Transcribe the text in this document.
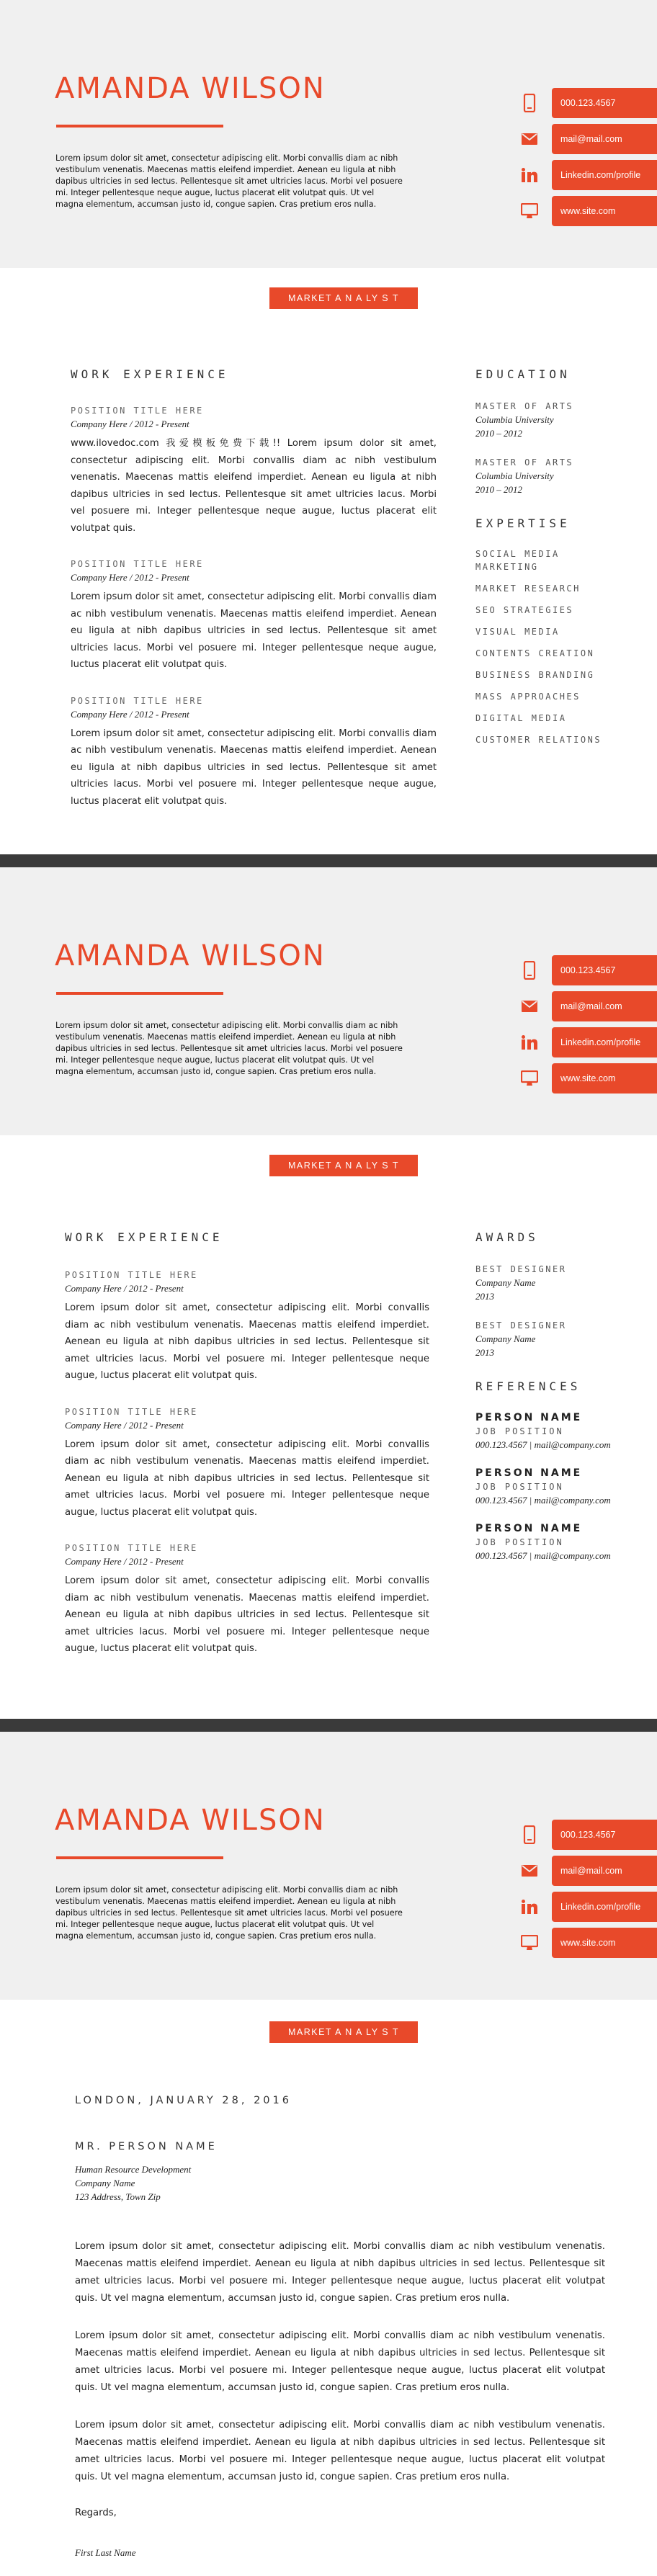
AMANDA WILSON
Lorem ipsum dolor sit amet, consectetur adipiscing elit. Morbi convallis diam ac nibh vestibulum venenatis. Maecenas mattis eleifend imperdiet. Aenean eu ligula at nibh dapibus ultricies in sed lectus. Pellentesque sit amet ultricies lacus. Morbi vel posuere mi. Integer pellentesque neque augue, luctus placerat elit volutpat quis. Ut vel magna elementum, accumsan justo id, congue sapien. Cras pretium eros nulla.
000.123.4567
mail@mail.com
Linkedin.com/profile
www.site.com
MARKET A N A LY S T
WORK EXPERIENCE
POSITION TITLE HERE
Company Here / 2012 - Present
www.ilovedoc.com 我爱模板免费下载!! Lorem ipsum dolor sit amet, consectetur adipiscing elit. Morbi convallis diam ac nibh vestibulum venenatis. Maecenas mattis eleifend imperdiet. Aenean eu ligula at nibh dapibus ultricies in sed lectus. Pellentesque sit amet ultricies lacus. Morbi vel posuere mi. Integer pellentesque neque augue, luctus placerat elit volutpat quis.
POSITION TITLE HERE
Company Here / 2012 - Present
Lorem ipsum dolor sit amet, consectetur adipiscing elit. Morbi convallis diam ac nibh vestibulum venenatis. Maecenas mattis eleifend imperdiet. Aenean eu ligula at nibh dapibus ultricies in sed lectus. Pellentesque sit amet ultricies lacus. Morbi vel posuere mi. Integer pellentesque neque augue, luctus placerat elit volutpat quis.
POSITION TITLE HERE
Company Here / 2012 - Present
Lorem ipsum dolor sit amet, consectetur adipiscing elit. Morbi convallis diam ac nibh vestibulum venenatis. Maecenas mattis eleifend imperdiet. Aenean eu ligula at nibh dapibus ultricies in sed lectus. Pellentesque sit amet ultricies lacus. Morbi vel posuere mi. Integer pellentesque neque augue, luctus placerat elit volutpat quis.
EDUCATION
MASTER OF ARTS
Columbia University
2010 – 2012
MASTER OF ARTS
Columbia University
2010 – 2012
EXPERTISE
SOCIAL MEDIA MARKETING
MARKET RESEARCH
SEO STRATEGIES
VISUAL MEDIA
CONTENTS CREATION
BUSINESS BRANDING
MASS APPROACHES
DIGITAL MEDIA
CUSTOMER RELATIONS
AMANDA WILSON
Lorem ipsum dolor sit amet, consectetur adipiscing elit. Morbi convallis diam ac nibh vestibulum venenatis. Maecenas mattis eleifend imperdiet. Aenean eu ligula at nibh dapibus ultricies in sed lectus. Pellentesque sit amet ultricies lacus. Morbi vel posuere mi. Integer pellentesque neque augue, luctus placerat elit volutpat quis. Ut vel magna elementum, accumsan justo id, congue sapien. Cras pretium eros nulla.
000.123.4567
mail@mail.com
Linkedin.com/profile
www.site.com
MARKET A N A LY S T
WORK EXPERIENCE
POSITION TITLE HERE
Company Here / 2012 - Present
Lorem ipsum dolor sit amet, consectetur adipiscing elit. Morbi convallis diam ac nibh vestibulum venenatis. Maecenas mattis eleifend imperdiet. Aenean eu ligula at nibh dapibus ultricies in sed lectus. Pellentesque sit amet ultricies lacus. Morbi vel posuere mi. Integer pellentesque neque augue, luctus placerat elit volutpat quis.
POSITION TITLE HERE
Company Here / 2012 - Present
Lorem ipsum dolor sit amet, consectetur adipiscing elit. Morbi convallis diam ac nibh vestibulum venenatis. Maecenas mattis eleifend imperdiet. Aenean eu ligula at nibh dapibus ultricies in sed lectus. Pellentesque sit amet ultricies lacus. Morbi vel posuere mi. Integer pellentesque neque augue, luctus placerat elit volutpat quis.
POSITION TITLE HERE
Company Here / 2012 - Present
Lorem ipsum dolor sit amet, consectetur adipiscing elit. Morbi convallis diam ac nibh vestibulum venenatis. Maecenas mattis eleifend imperdiet. Aenean eu ligula at nibh dapibus ultricies in sed lectus. Pellentesque sit amet ultricies lacus. Morbi vel posuere mi. Integer pellentesque neque augue, luctus placerat elit volutpat quis.
AWARDS
BEST DESIGNER
Company Name
2013
BEST DESIGNER
Company Name
2013
REFERENCES
PERSON NAME
JOB POSITION
000.123.4567 | mail@company.com
PERSON NAME
JOB POSITION
000.123.4567 | mail@company.com
PERSON NAME
JOB POSITION
000.123.4567 | mail@company.com
AMANDA WILSON
Lorem ipsum dolor sit amet, consectetur adipiscing elit. Morbi convallis diam ac nibh vestibulum venenatis. Maecenas mattis eleifend imperdiet. Aenean eu ligula at nibh dapibus ultricies in sed lectus. Pellentesque sit amet ultricies lacus. Morbi vel posuere mi. Integer pellentesque neque augue, luctus placerat elit volutpat quis. Ut vel magna elementum, accumsan justo id, congue sapien. Cras pretium eros nulla.
000.123.4567
mail@mail.com
Linkedin.com/profile
www.site.com
MARKET A N A LY S T
LONDON, JANUARY 28, 2016
MR. PERSON NAME
Human Resource Development
Company Name
123 Address, Town Zip
Lorem ipsum dolor sit amet, consectetur adipiscing elit. Morbi convallis diam ac nibh vestibulum venenatis. Maecenas mattis eleifend imperdiet. Aenean eu ligula at nibh dapibus ultricies in sed lectus. Pellentesque sit amet ultricies lacus. Morbi vel posuere mi. Integer pellentesque neque augue, luctus placerat elit volutpat quis. Ut vel magna elementum, accumsan justo id, congue sapien. Cras pretium eros nulla.
Lorem ipsum dolor sit amet, consectetur adipiscing elit. Morbi convallis diam ac nibh vestibulum venenatis. Maecenas mattis eleifend imperdiet. Aenean eu ligula at nibh dapibus ultricies in sed lectus. Pellentesque sit amet ultricies lacus. Morbi vel posuere mi. Integer pellentesque neque augue, luctus placerat elit volutpat quis. Ut vel magna elementum, accumsan justo id, congue sapien. Cras pretium eros nulla.
Lorem ipsum dolor sit amet, consectetur adipiscing elit. Morbi convallis diam ac nibh vestibulum venenatis. Maecenas mattis eleifend imperdiet. Aenean eu ligula at nibh dapibus ultricies in sed lectus. Pellentesque sit amet ultricies lacus. Morbi vel posuere mi. Integer pellentesque neque augue, luctus placerat elit volutpat quis. Ut vel magna elementum, accumsan justo id, congue sapien. Cras pretium eros nulla.
Regards,
First Last Name
